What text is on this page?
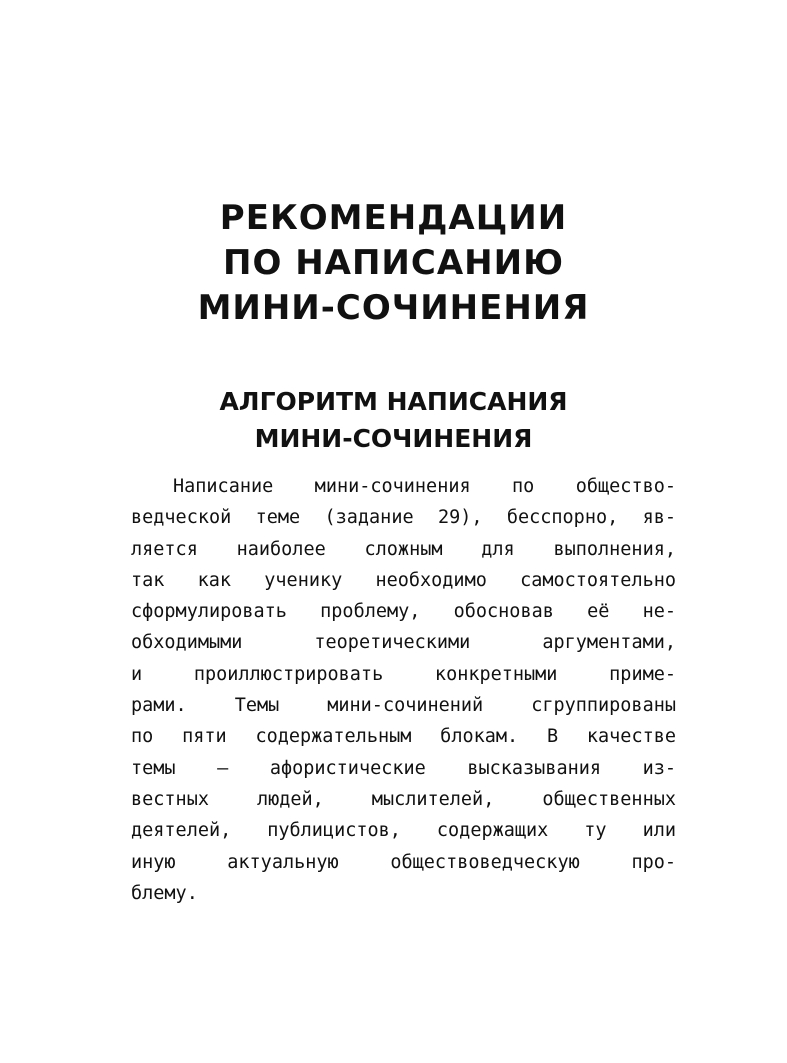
РЕКОМЕНДАЦИИ
ПО НАПИСАНИЮ
МИНИ-СОЧИНЕНИЯ
АЛГОРИТМ НАПИСАНИЯ
МИНИ-СОЧИНЕНИЯ
Написание мини-сочинения по общество-
ведческой теме (задание 29), бесспорно, яв-
ляется наиболее сложным для выполнения,
так как ученику необходимо самостоятельно
сформулировать проблему, обосновав её не-
обходимыми теоретическими аргументами,
и проиллюстрировать конкретными приме-
рами. Темы мини-сочинений сгруппированы
по пяти содержательным блокам. В качестве
темы — афористические высказывания из-
вестных людей, мыслителей, общественных
деятелей, публицистов, содержащих ту или
иную актуальную обществоведческую про-
блему.
